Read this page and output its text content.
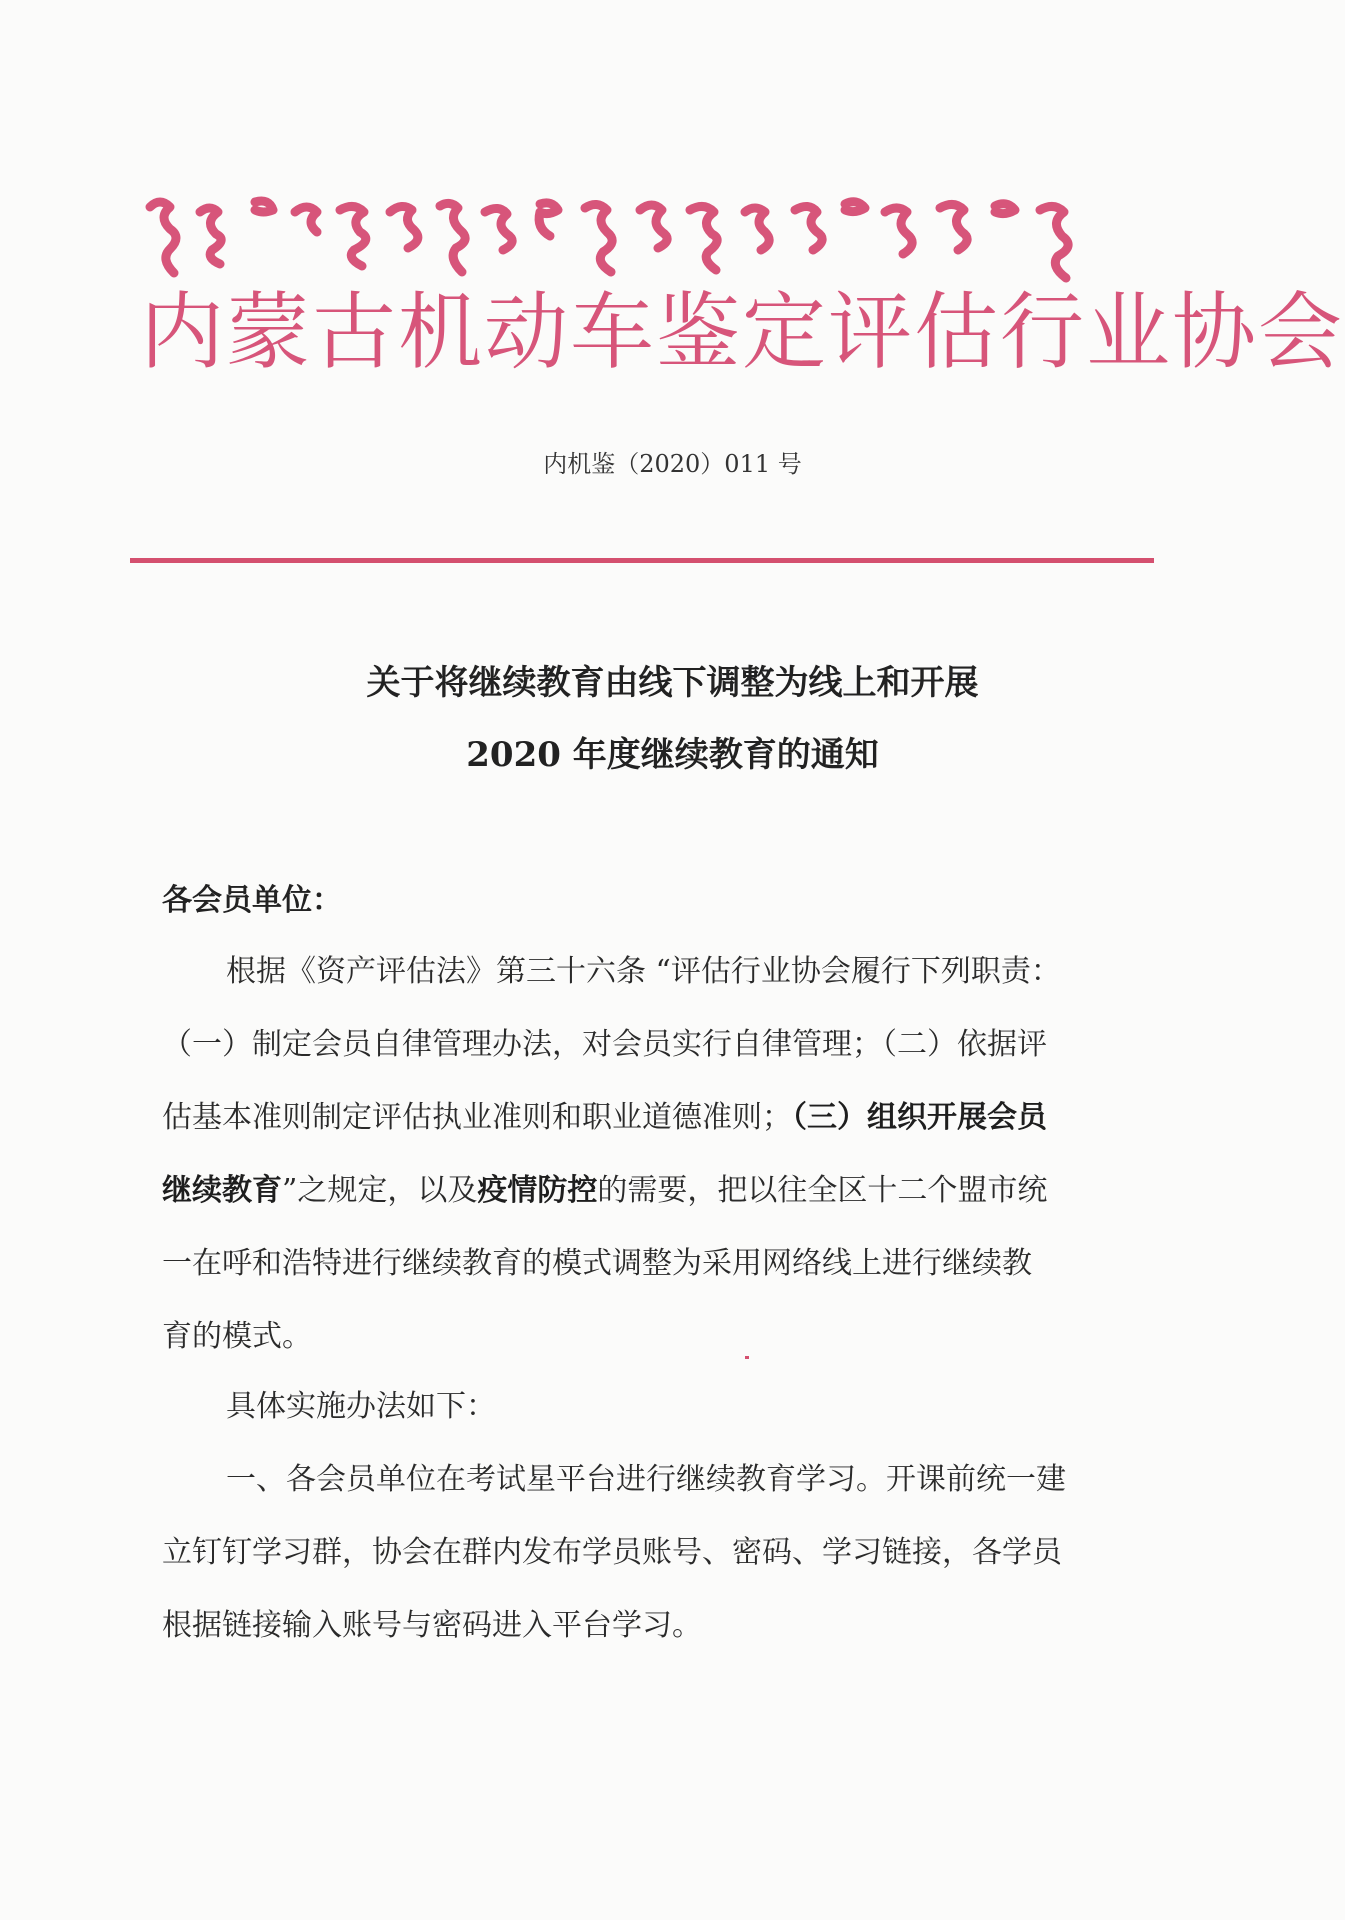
内蒙古机动车鉴定评估行业协会
内机鉴（2020）011 号
关于将继续教育由线下调整为线上和开展
2020 年度继续教育的通知
各会员单位：
根据《资产评估法》第三十六条 “评估行业协会履行下列职责：
（一）制定会员自律管理办法，对会员实行自律管理；（二）依据评
估基本准则制定评估执业准则和职业道德准则；（三）组织开展会员
继续教育”之规定，以及疫情防控的需要，把以往全区十二个盟市统
一在呼和浩特进行继续教育的模式调整为采用网络线上进行继续教
育的模式。
具体实施办法如下：
一、各会员单位在考试星平台进行继续教育学习。开课前统一建
立钉钉学习群，协会在群内发布学员账号、密码、学习链接，各学员
根据链接输入账号与密码进入平台学习。
